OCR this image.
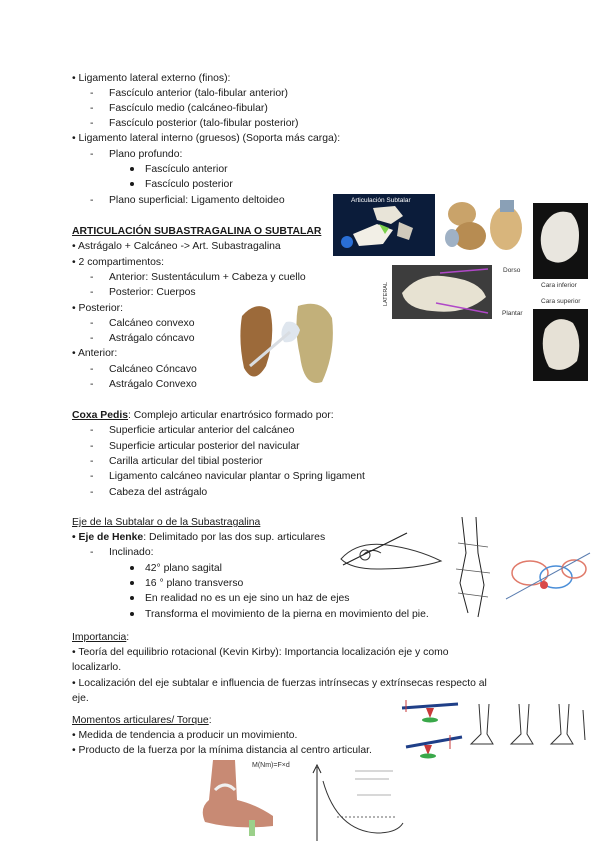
• Ligamento lateral externo (finos):
- Fascículo anterior (talo-fibular anterior)
- Fascículo medio (calcáneo-fibular)
- Fascículo posterior (talo-fibular posterior)
• Ligamento lateral interno (gruesos) (Soporta más carga):
- Plano profundo:
Fascículo anterior
Fascículo posterior
- Plano superficial: Ligamento deltoideo
ARTICULACIÓN SUBASTRAGALINA O SUBTALAR
• Astrágalo + Calcáneo -> Art. Subastragalina
• 2 compartimentos:
- Anterior: Sustentáculum + Cabeza y cuello
- Posterior: Cuerpos
• Posterior:
- Calcáneo convexo
- Astrágalo cóncavo
• Anterior:
- Calcáneo Cóncavo
- Astrágalo Convexo
Coxa Pedis: Complejo articular enartrósico formado por:
- Superficie articular anterior del calcáneo
- Superficie articular posterior del navicular
- Carilla articular del tibial posterior
- Ligamento calcáneo navicular plantar o Spring ligament
- Cabeza del astrágalo
Eje de la Subtalar o de la Subastragalina
• Eje de Henke: Delimitado por las dos sup. articulares
- Inclinado:
42° plano sagital
16 ° plano transverso
En realidad no es un eje sino un haz de ejes
Transforma el movimiento de la pierna en movimiento del pie.
Importancia:
• Teoría del equilibrio rotacional (Kevin Kirby): Importancia localización eje y como
localizarlo.
• Localización del eje subtalar e influencia de fuerzas intrínsecas y extrínsecas respecto al
eje.
Momentos articulares/ Torque:
• Medida de tendencia a producir un movimiento.
• Producto de la fuerza por la mínima distancia al centro articular.
Articulación Subtalar
Cara inferior
Cara superior
LATERAL
Dorso
Plantar
M(Nm)=F×d
